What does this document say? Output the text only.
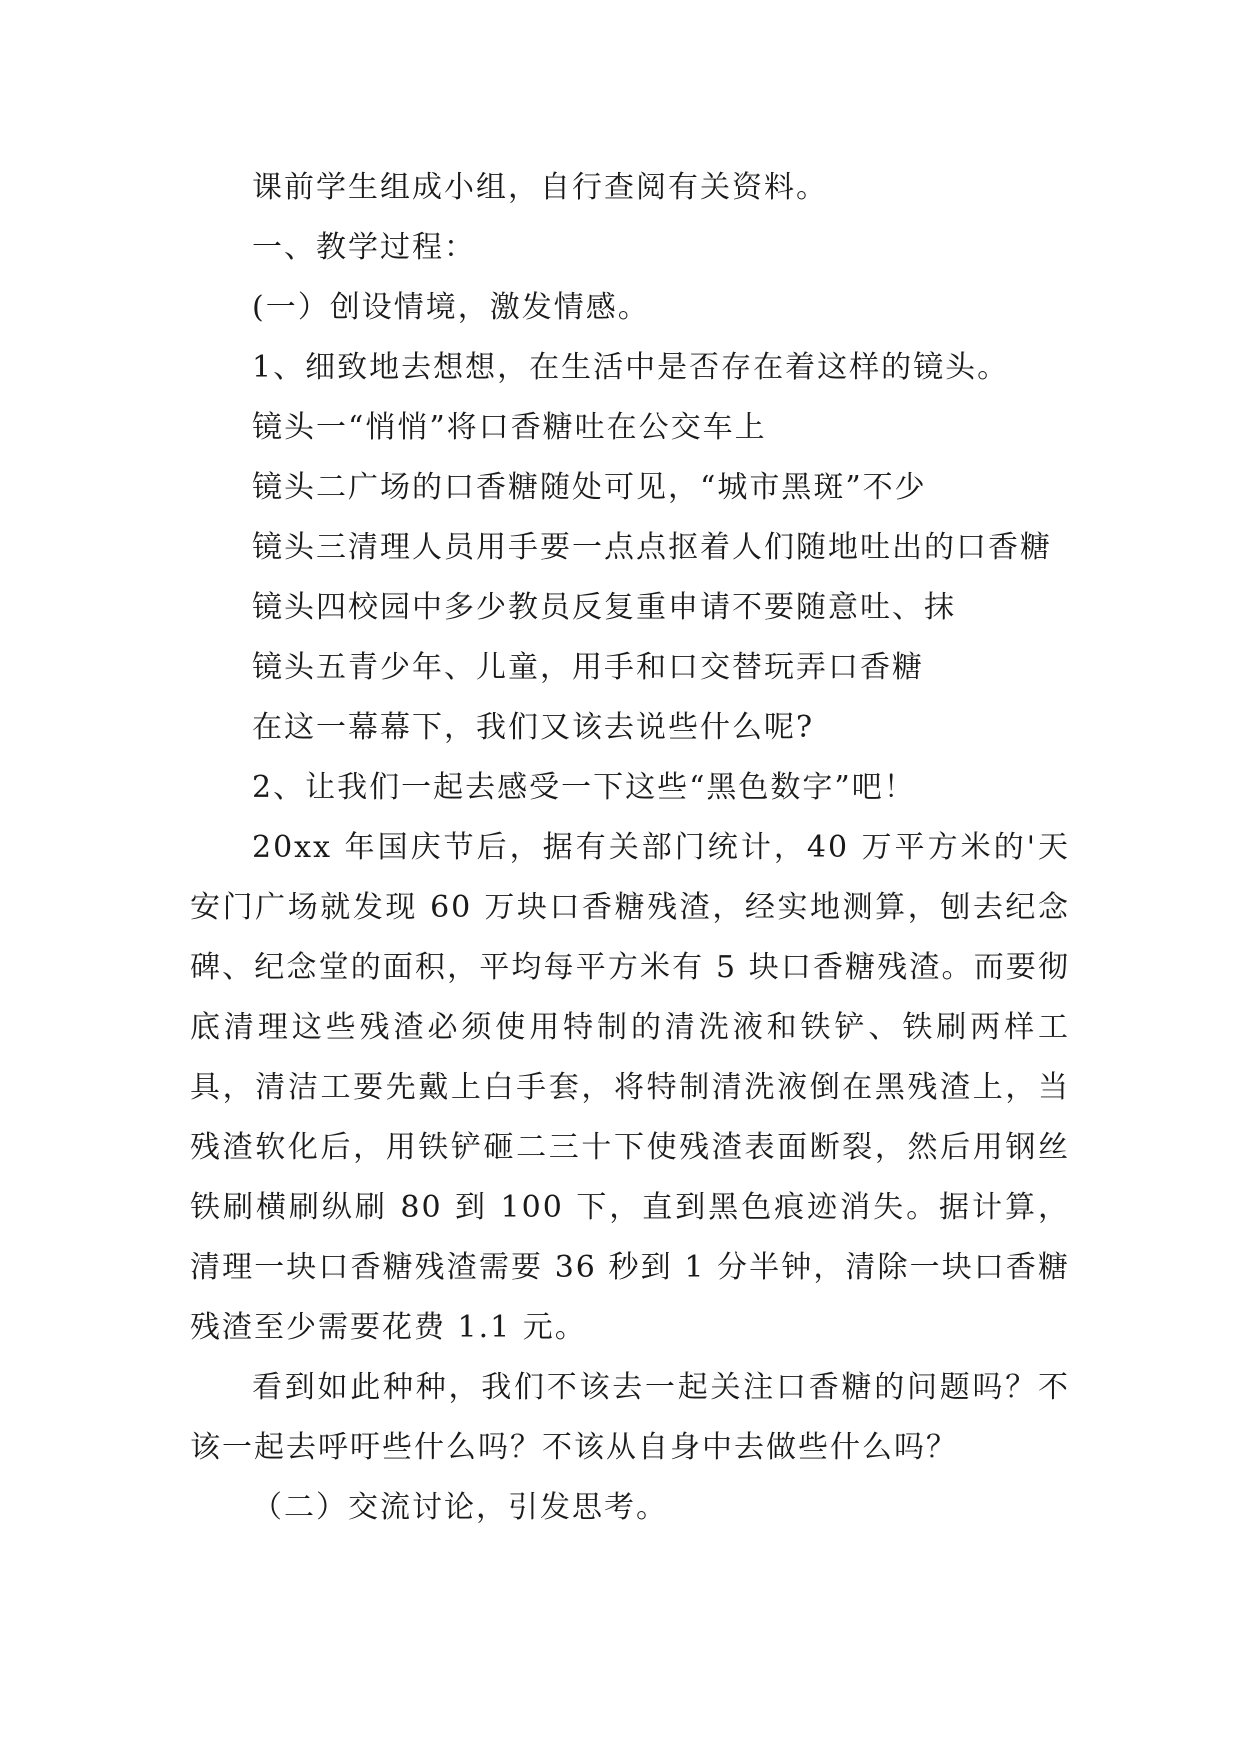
课前学生组成小组，自行查阅有关资料。

一、教学过程：

(一）创设情境，激发情感。

1、细致地去想想，在生活中是否存在着这样的镜头。

镜头一“悄悄”将口香糖吐在公交车上

镜头二广场的口香糖随处可见，“城市黑斑”不少

镜头三清理人员用手要一点点抠着人们随地吐出的口香糖

镜头四校园中多少教员反复重申请不要随意吐、抹

镜头五青少年、儿童，用手和口交替玩弄口香糖

在这一幕幕下，我们又该去说些什么呢?

2、让我们一起去感受一下这些“黑色数字”吧！

20xx 年国庆节后，据有关部门统计，40 万平方米的'天安门广场就发现 60 万块口香糖残渣，经实地测算，刨去纪念碑、纪念堂的面积，平均每平方米有 5 块口香糖残渣。而要彻底清理这些残渣必须使用特制的清洗液和铁铲、铁刷两样工具，清洁工要先戴上白手套，将特制清洗液倒在黑残渣上，当残渣软化后，用铁铲砸二三十下使残渣表面断裂，然后用钢丝铁刷横刷纵刷 80 到 100 下，直到黑色痕迹消失。据计算，清理一块口香糖残渣需要 36 秒到 1 分半钟，清除一块口香糖残渣至少需要花费 1.1 元。

看到如此种种，我们不该去一起关注口香糖的问题吗？不该一起去呼吁些什么吗？不该从自身中去做些什么吗？

（二）交流讨论，引发思考。
